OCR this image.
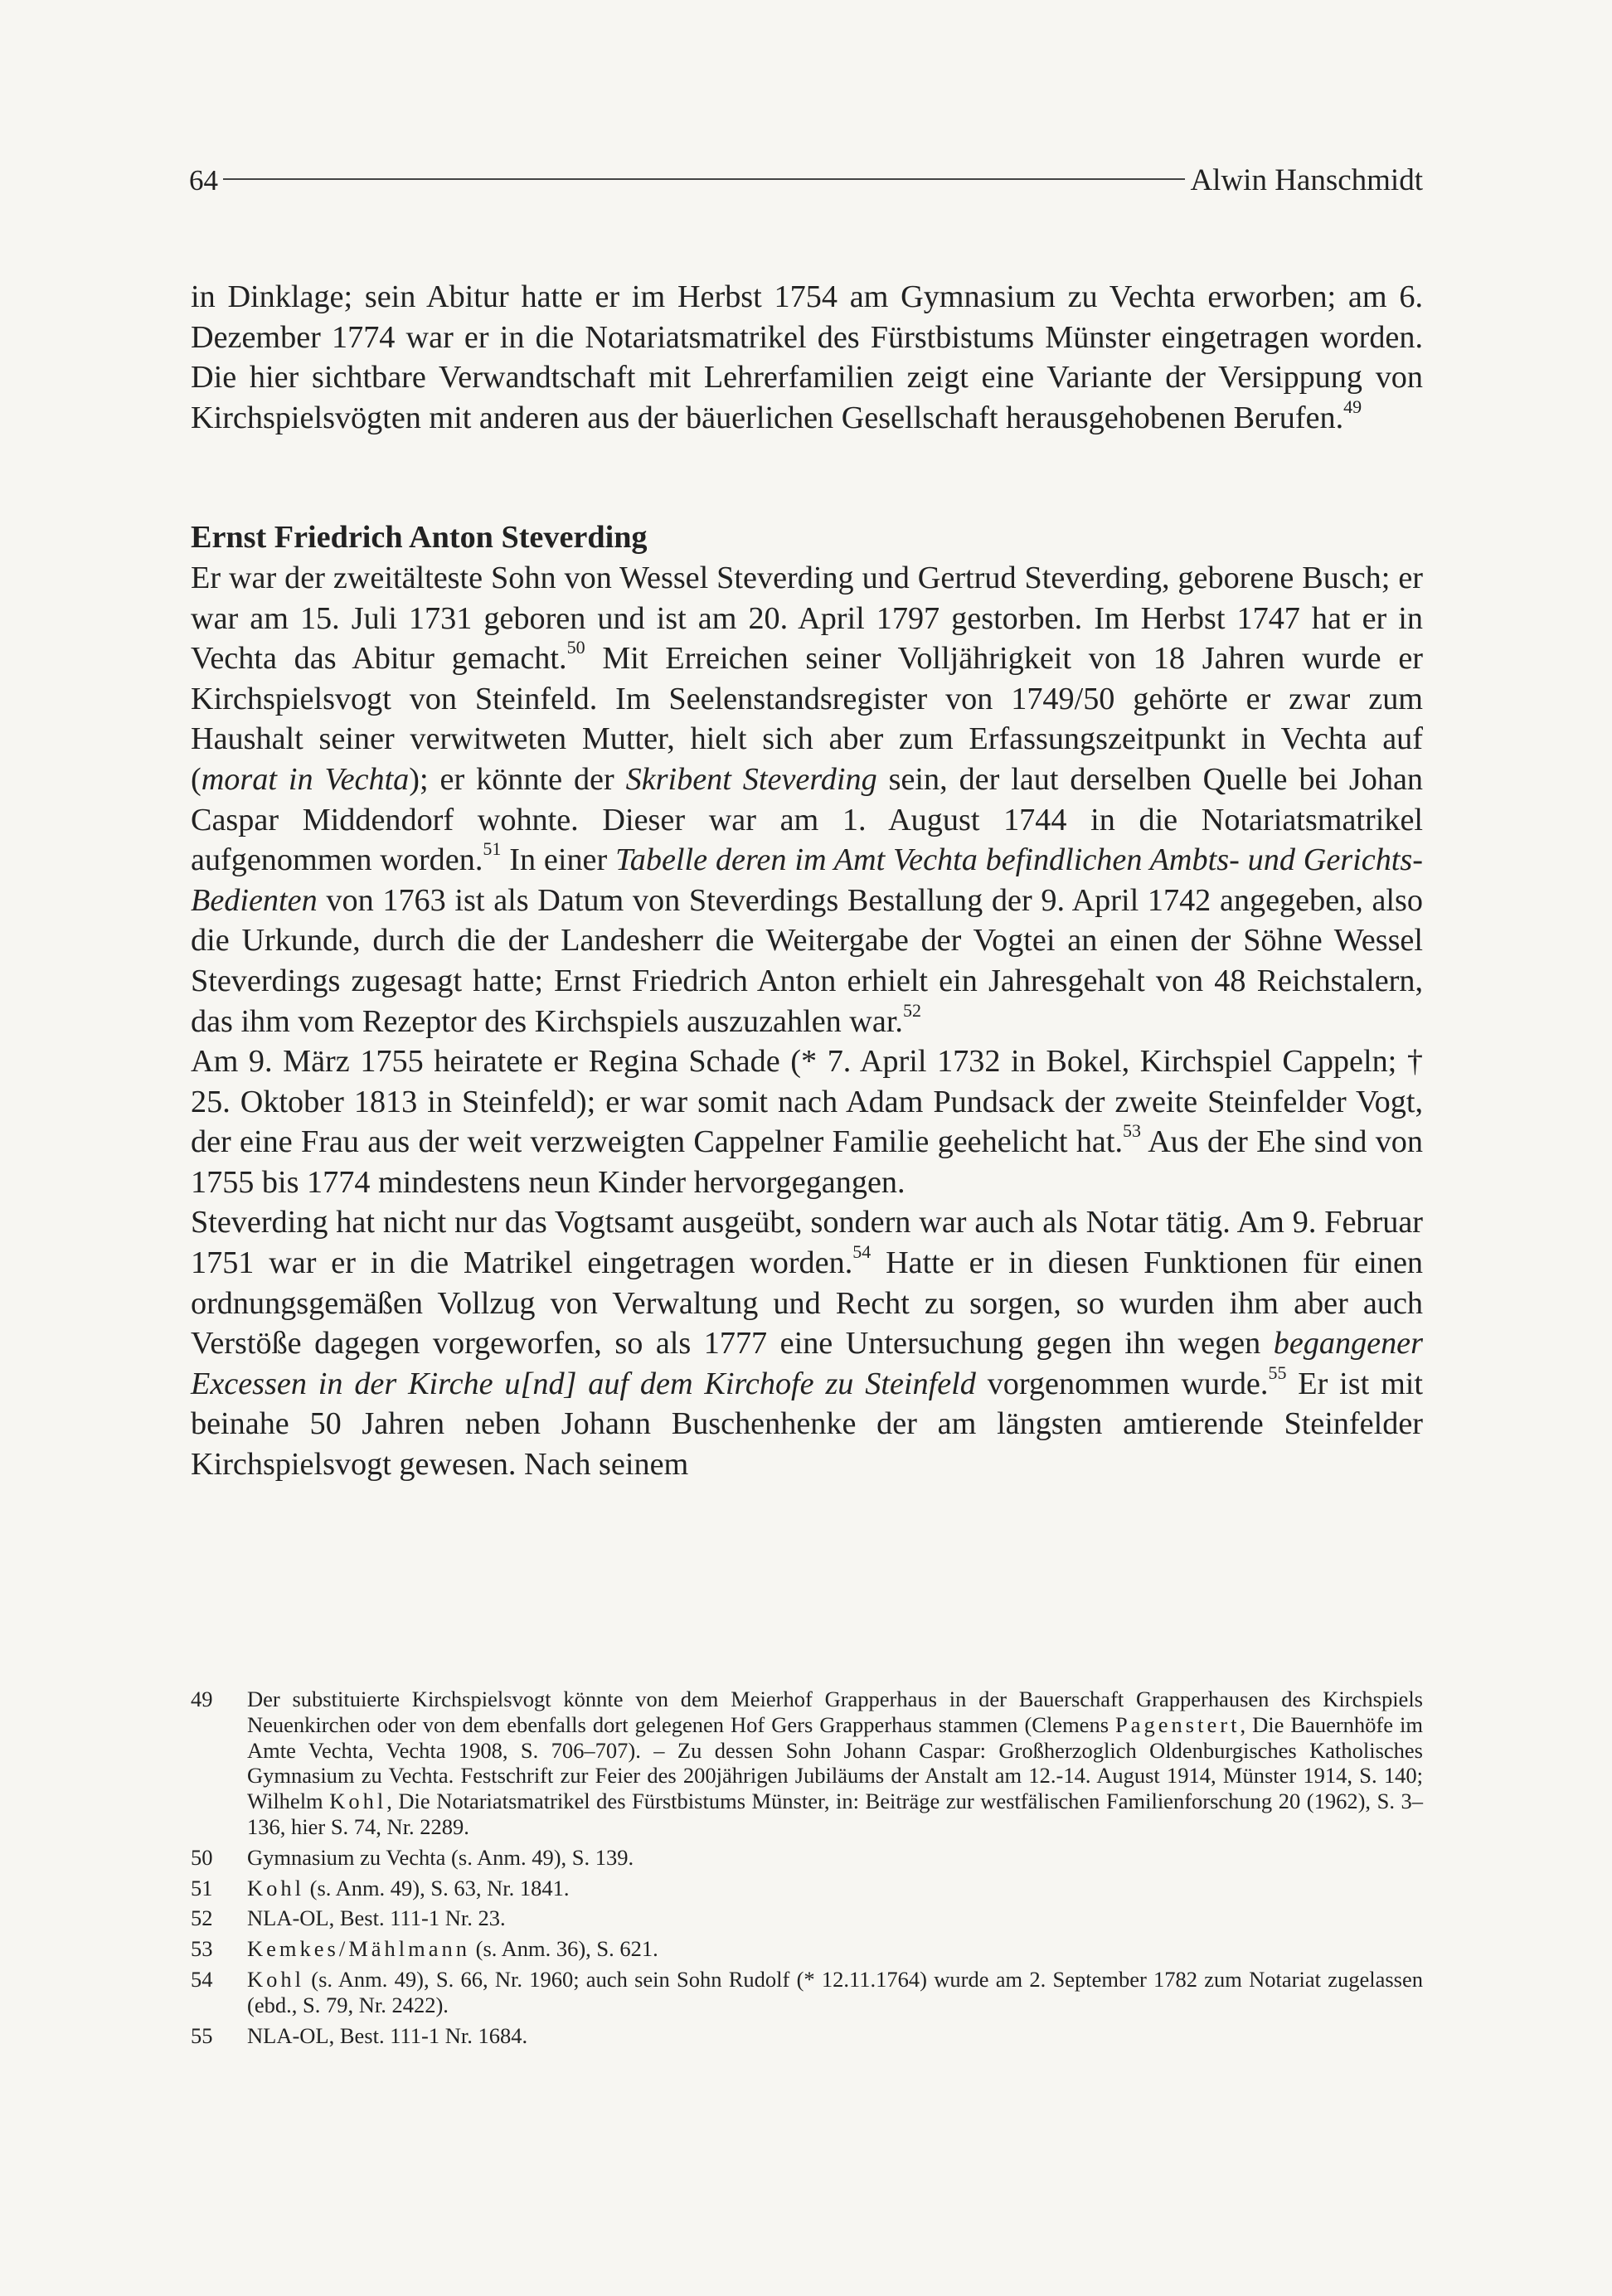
64	Alwin Hanschmidt

in Dinklage; sein Abitur hatte er im Herbst 1754 am Gymnasium zu Vechta erworben; am 6. Dezember 1774 war er in die Notariatsmatrikel des Fürstbistums Münster eingetragen worden. Die hier sichtbare Verwandtschaft mit Lehrerfamilien zeigt eine Variante der Versippung von Kirchspielsvögten mit anderen aus der bäuerlichen Gesellschaft herausgehobenen Berufen.$^{49}$

Ernst Friedrich Anton Steverding

Er war der zweitälteste Sohn von Wessel Steverding und Gertrud Steverding, geborene Busch; er war am 15. Juli 1731 geboren und ist am 20. April 1797 gestorben. Im Herbst 1747 hat er in Vechta das Abitur gemacht.$^{50}$ Mit Erreichen seiner Volljährigkeit von 18 Jahren wurde er Kirchspielsvogt von Steinfeld. Im Seelenstandsregister von 1749/50 gehörte er zwar zum Haushalt seiner verwitweten Mutter, hielt sich aber zum Erfassungszeitpunkt in Vechta auf (morat in Vechta); er könnte der Skribent Steverding sein, der laut derselben Quelle bei Johan Caspar Middendorf wohnte. Dieser war am 1. August 1744 in die Notariatsmatrikel aufgenommen worden.$^{51}$ In einer Tabelle deren im Amt Vechta befindlichen Ambts- und Gerichts-Bedienten von 1763 ist als Datum von Steverdings Bestallung der 9. April 1742 angegeben, also die Urkunde, durch die der Landesherr die Weitergabe der Vogtei an einen der Söhne Wessel Steverdings zugesagt hatte; Ernst Friedrich Anton erhielt ein Jahresgehalt von 48 Reichstalern, das ihm vom Rezeptor des Kirchspiels auszuzahlen war.$^{52}$

Am 9. März 1755 heiratete er Regina Schade (* 7. April 1732 in Bokel, Kirchspiel Cappeln; † 25. Oktober 1813 in Steinfeld); er war somit nach Adam Pundsack der zweite Steinfelder Vogt, der eine Frau aus der weit verzweigten Cappelner Familie geehelicht hat.$^{53}$ Aus der Ehe sind von 1755 bis 1774 mindestens neun Kinder hervorgegangen.

Steverding hat nicht nur das Vogtsamt ausgeübt, sondern war auch als Notar tätig. Am 9. Februar 1751 war er in die Matrikel eingetragen worden.$^{54}$ Hatte er in diesen Funktionen für einen ordnungsgemäßen Vollzug von Verwaltung und Recht zu sorgen, so wurden ihm aber auch Verstöße dagegen vorgeworfen, so als 1777 eine Untersuchung gegen ihn wegen begangener Excessen in der Kirche u[nd] auf dem Kirchofe zu Steinfeld vorgenommen wurde.$^{55}$ Er ist mit beinahe 50 Jahren neben Johann Buschenhenke der am längsten amtierende Steinfelder Kirchspielsvogt gewesen. Nach seinem

49	Der substituierte Kirchspielsvogt könnte von dem Meierhof Grapperhaus in der Bauerschaft Grapperhausen des Kirchspiels Neuenkirchen oder von dem ebenfalls dort gelegenen Hof Gers Grapperhaus stammen (Clemens Pagenstert, Die Bauernhöfe im Amte Vechta, Vechta 1908, S. 706–707). – Zu dessen Sohn Johann Caspar: Großherzoglich Oldenburgisches Katholisches Gymnasium zu Vechta. Festschrift zur Feier des 200jährigen Jubiläums der Anstalt am 12.-14. August 1914, Münster 1914, S. 140; Wilhelm Kohl, Die Notariatsmatrikel des Fürstbistums Münster, in: Beiträge zur westfälischen Familienforschung 20 (1962), S. 3–136, hier S. 74, Nr. 2289.
50	Gymnasium zu Vechta (s. Anm. 49), S. 139.
51	Kohl (s. Anm. 49), S. 63, Nr. 1841.
52	NLA-OL, Best. 111-1 Nr. 23.
53	Kemkes/Mählmann (s. Anm. 36), S. 621.
54	Kohl (s. Anm. 49), S. 66, Nr. 1960; auch sein Sohn Rudolf (* 12.11.1764) wurde am 2. September 1782 zum Notariat zugelassen (ebd., S. 79, Nr. 2422).
55	NLA-OL, Best. 111-1 Nr. 1684.
